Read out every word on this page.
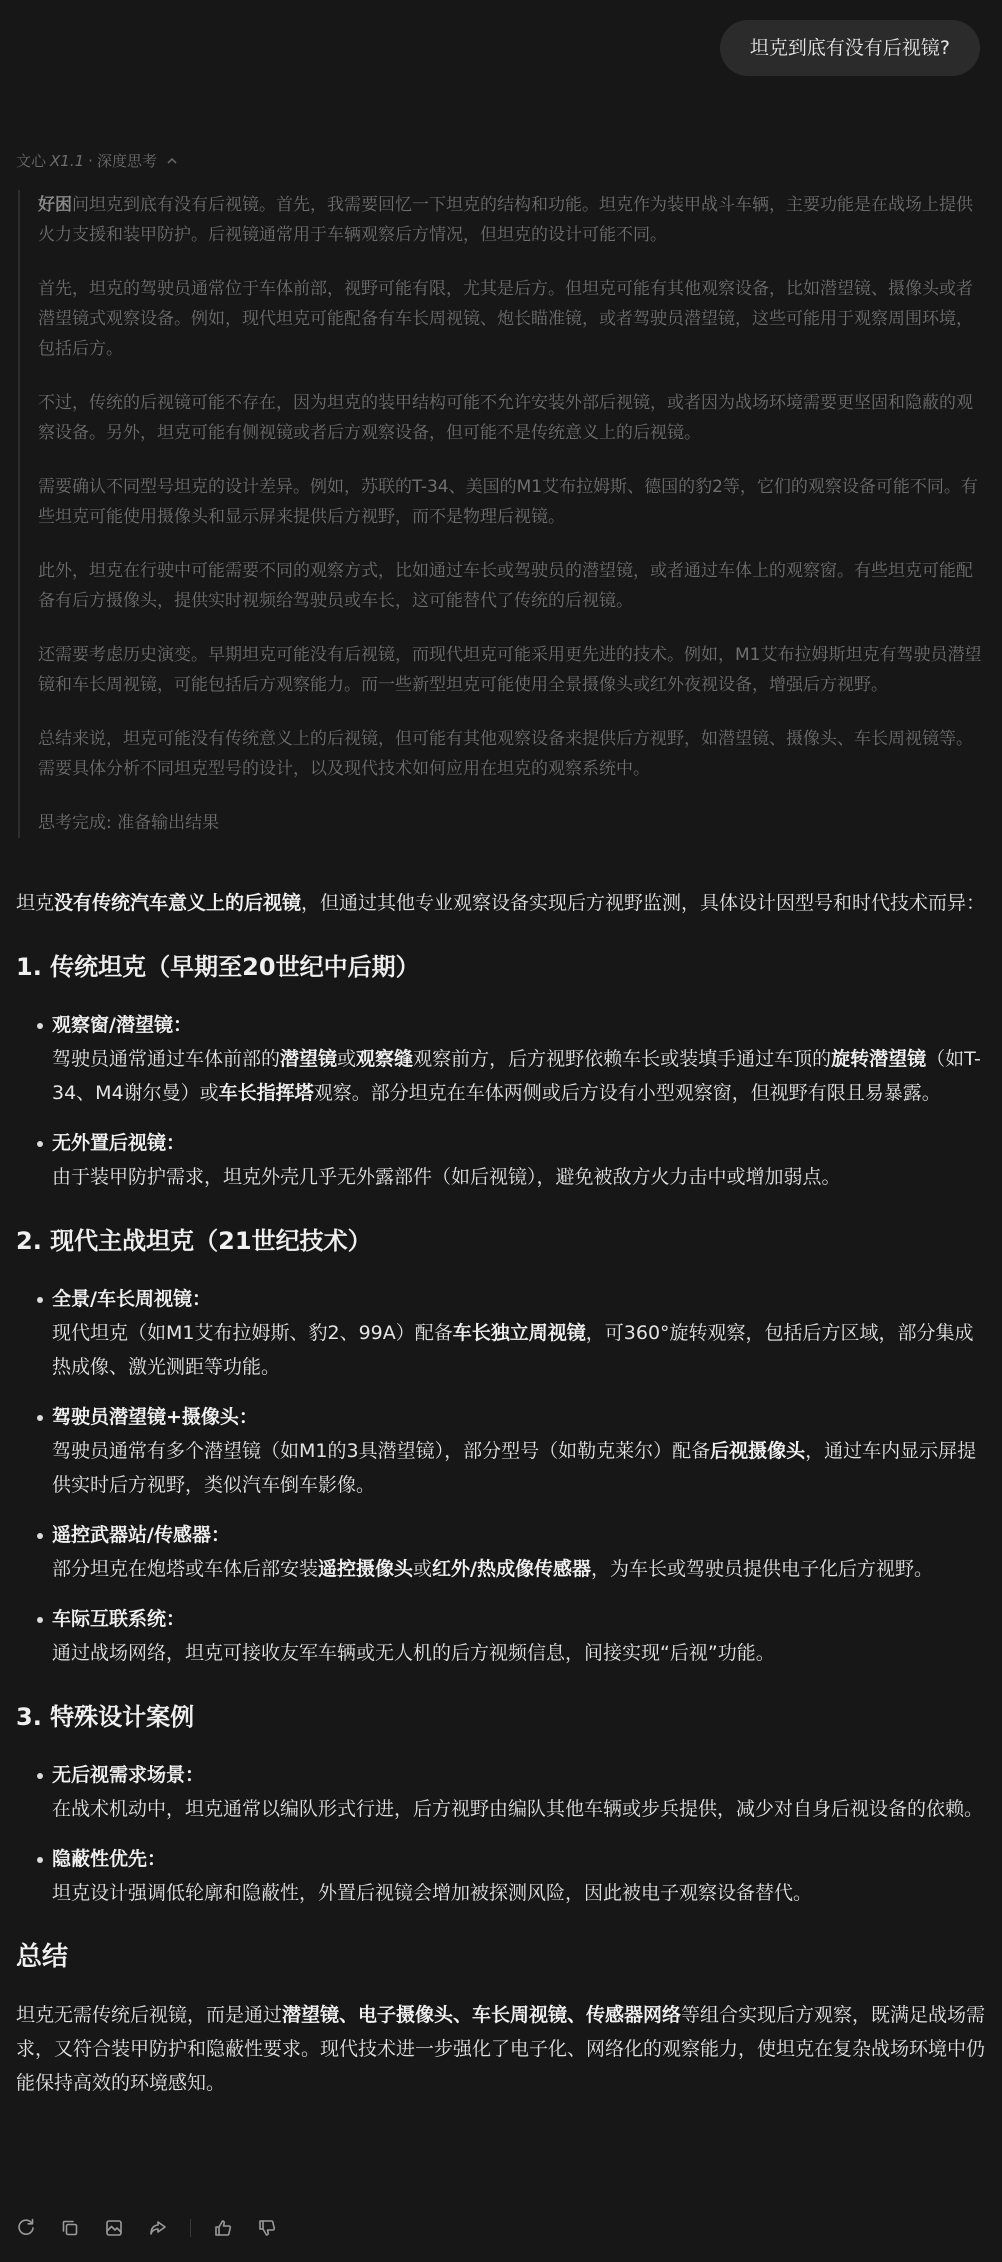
坦克到底有没有后视镜?
文心 X1.1 · 深度思考

好困问坦克到底有没有后视镜。首先，我需要回忆一下坦克的结构和功能。坦克作为装甲战斗车辆，主要功能是在战场上提供火力支援和装甲防护。后视镜通常用于车辆观察后方情况，但坦克的设计可能不同。

首先，坦克的驾驶员通常位于车体前部，视野可能有限，尤其是后方。但坦克可能有其他观察设备，比如潜望镜、摄像头或者潜望镜式观察设备。例如，现代坦克可能配备有车长周视镜、炮长瞄准镜，或者驾驶员潜望镜，这些可能用于观察周围环境，包括后方。

不过，传统的后视镜可能不存在，因为坦克的装甲结构可能不允许安装外部后视镜，或者因为战场环境需要更坚固和隐蔽的观察设备。另外，坦克可能有侧视镜或者后方观察设备，但可能不是传统意义上的后视镜。

需要确认不同型号坦克的设计差异。例如，苏联的T-34、美国的M1艾布拉姆斯、德国的豹2等，它们的观察设备可能不同。有些坦克可能使用摄像头和显示屏来提供后方视野，而不是物理后视镜。

此外，坦克在行驶中可能需要不同的观察方式，比如通过车长或驾驶员的潜望镜，或者通过车体上的观察窗。有些坦克可能配备有后方摄像头，提供实时视频给驾驶员或车长，这可能替代了传统的后视镜。

还需要考虑历史演变。早期坦克可能没有后视镜，而现代坦克可能采用更先进的技术。例如，M1艾布拉姆斯坦克有驾驶员潜望镜和车长周视镜，可能包括后方观察能力。而一些新型坦克可能使用全景摄像头或红外夜视设备，增强后方视野。

总结来说，坦克可能没有传统意义上的后视镜，但可能有其他观察设备来提供后方视野，如潜望镜、摄像头、车长周视镜等。需要具体分析不同坦克型号的设计，以及现代技术如何应用在坦克的观察系统中。

思考完成: 准备输出结果

坦克没有传统汽车意义上的后视镜，但通过其他专业观察设备实现后方视野监测，具体设计因型号和时代技术而异：

1. 传统坦克（早期至20世纪中后期）
观察窗/潜望镜：
驾驶员通常通过车体前部的潜望镜或观察缝观察前方，后方视野依赖车长或装填手通过车顶的旋转潜望镜（如T-34、M4谢尔曼）或车长指挥塔观察。部分坦克在车体两侧或后方设有小型观察窗，但视野有限且易暴露。
无外置后视镜：
由于装甲防护需求，坦克外壳几乎无外露部件（如后视镜），避免被敌方火力击中或增加弱点。
2. 现代主战坦克（21世纪技术）
全景/车长周视镜：
现代坦克（如M1艾布拉姆斯、豹2、99A）配备车长独立周视镜，可360°旋转观察，包括后方区域，部分集成热成像、激光测距等功能。
驾驶员潜望镜+摄像头：
驾驶员通常有多个潜望镜（如M1的3具潜望镜），部分型号（如勒克莱尔）配备后视摄像头，通过车内显示屏提供实时后方视野，类似汽车倒车影像。
遥控武器站/传感器：
部分坦克在炮塔或车体后部安装遥控摄像头或红外/热成像传感器，为车长或驾驶员提供电子化后方视野。
车际互联系统：
通过战场网络，坦克可接收友军车辆或无人机的后方视频信息，间接实现“后视”功能。
3. 特殊设计案例
无后视需求场景：
在战术机动中，坦克通常以编队形式行进，后方视野由编队其他车辆或步兵提供，减少对自身后视设备的依赖。
隐蔽性优先：
坦克设计强调低轮廓和隐蔽性，外置后视镜会增加被探测风险，因此被电子观察设备替代。
总结

坦克无需传统后视镜，而是通过潜望镜、电子摄像头、车长周视镜、传感器网络等组合实现后方观察，既满足战场需求，又符合装甲防护和隐蔽性要求。现代技术进一步强化了电子化、网络化的观察能力，使坦克在复杂战场环境中仍能保持高效的环境感知。
